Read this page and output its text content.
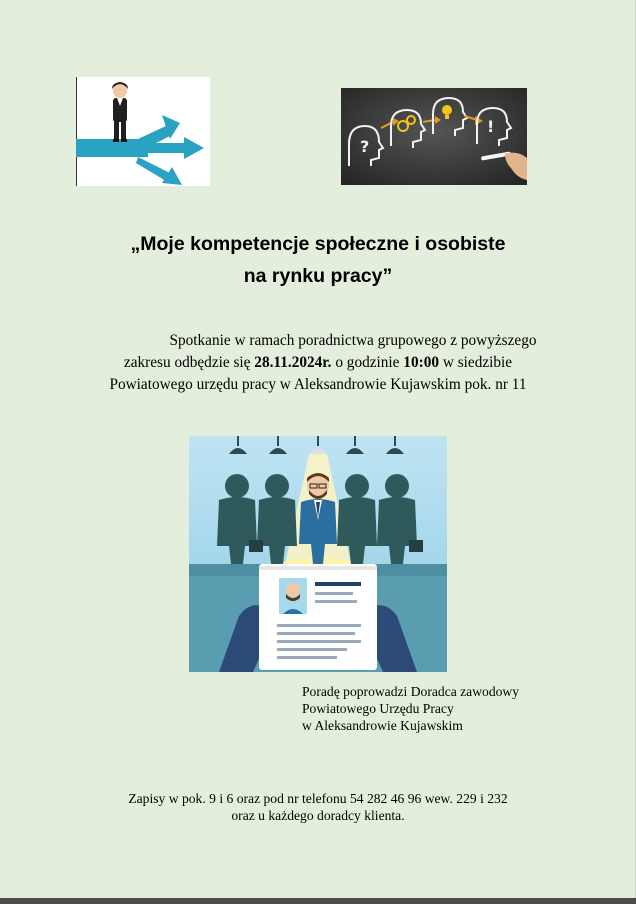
?
!
„Moje kompetencje społeczne i osobiste
na rynku pracy”
Spotkanie w ramach poradnictwa grupowego z powyższego
zakresu odbędzie się 28.11.2024r. o godzinie 10:00 w siedzibie
Powiatowego urzędu pracy w Aleksandrowie Kujawskim pok. nr 11
Poradę poprowadzi Doradca zawodowy
Powiatowego Urzędu Pracy
w Aleksandrowie Kujawskim
Zapisy w pok. 9 i 6 oraz pod nr telefonu 54 282 46 96 wew. 229 i 232
oraz u każdego doradcy klienta.
